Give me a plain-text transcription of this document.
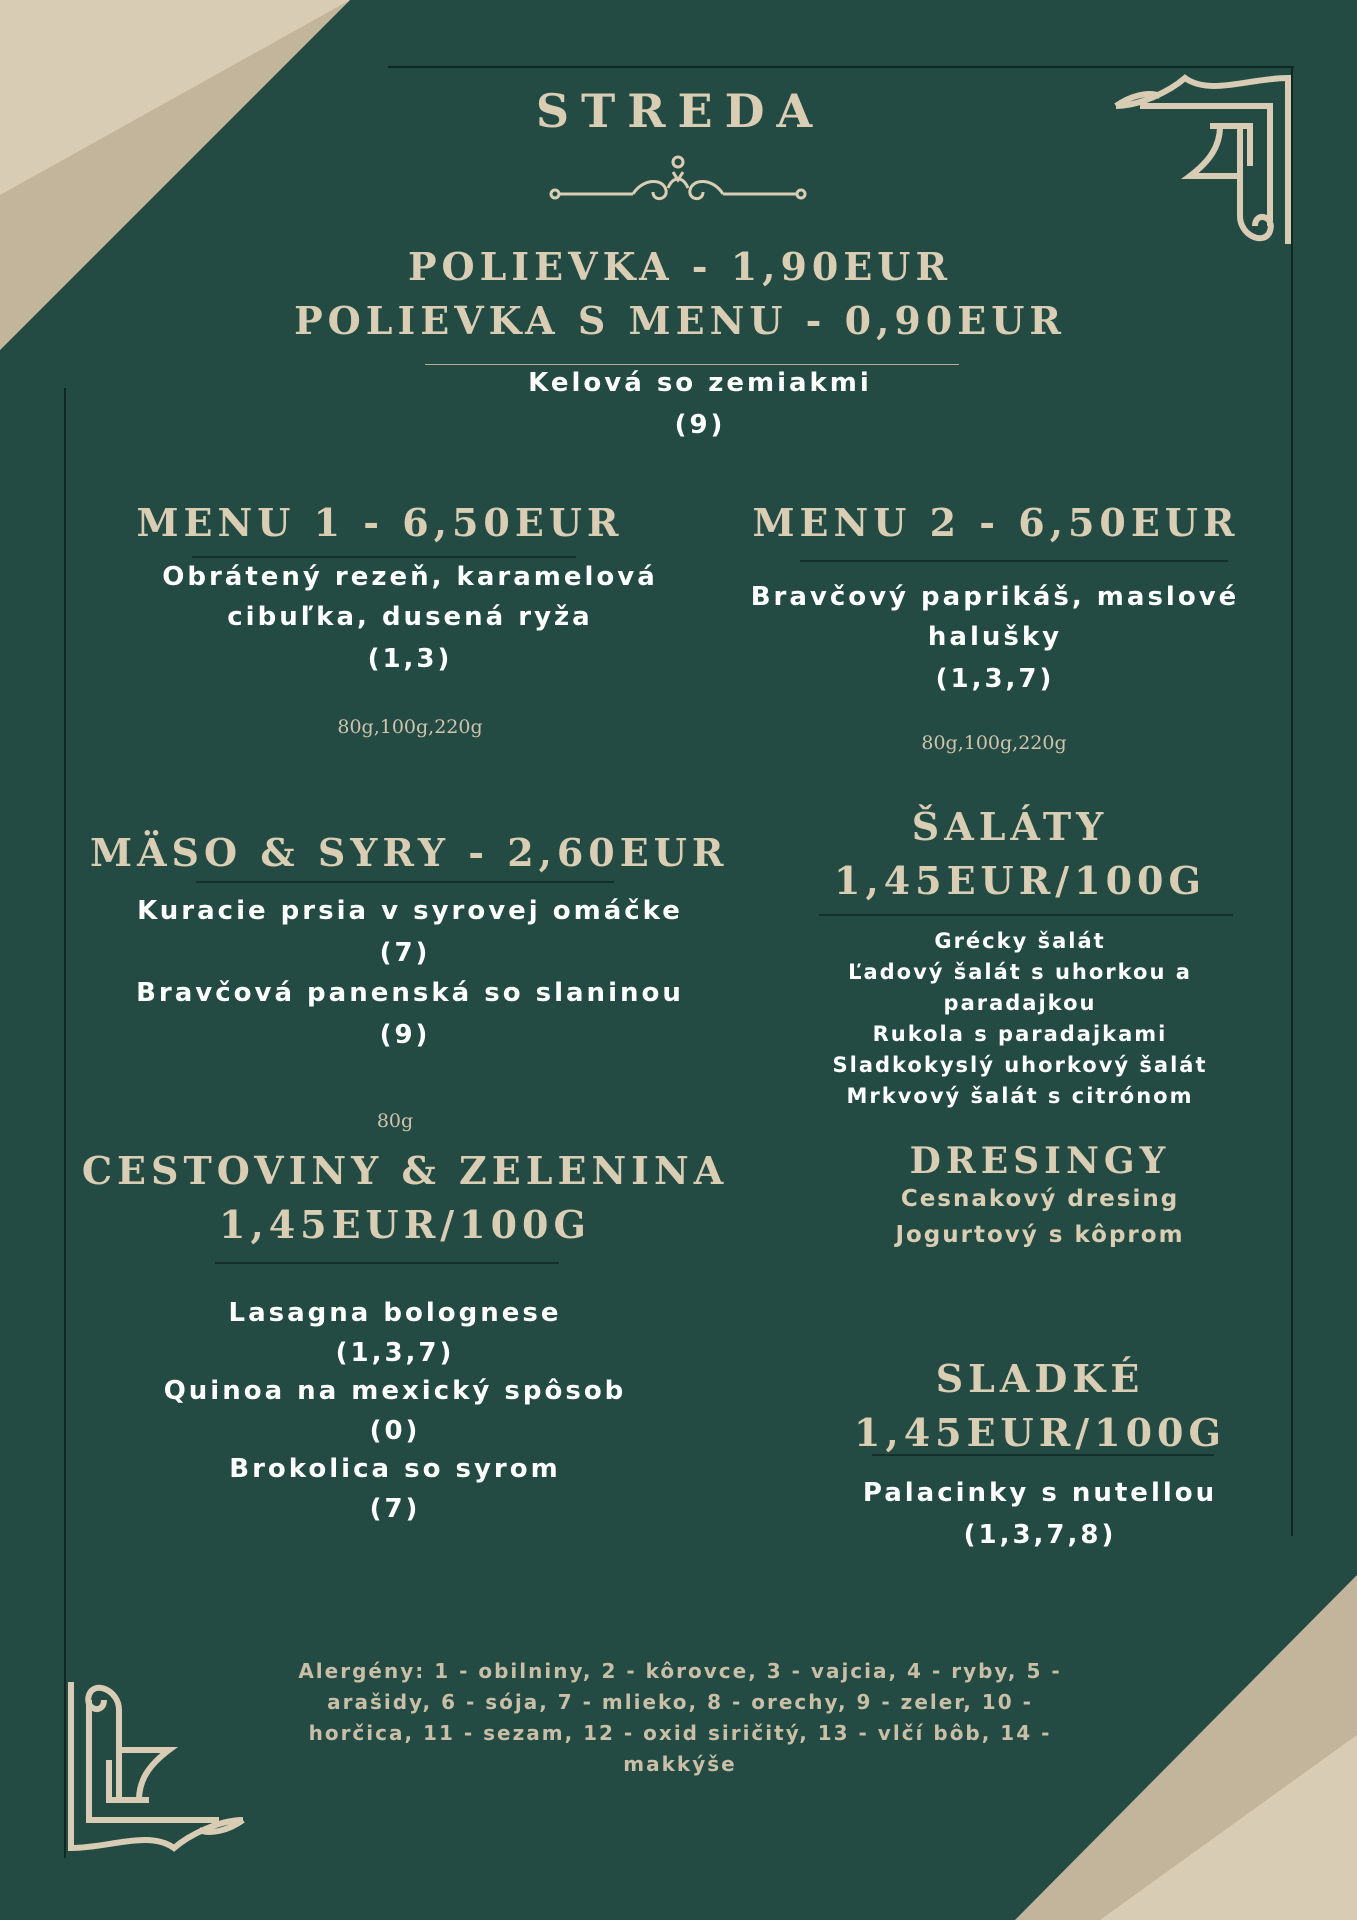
STREDA
POLIEVKA - 1,90EUR
POLIEVKA S MENU - 0,90EUR
Kelová so zemiakmi
(9)
MENU 1 - 6,50EUR
Obrátený rezeň, karamelová
cibuľka, dusená ryža
(1,3)
80g,100g,220g
MENU 2 - 6,50EUR
Bravčový paprikáš, maslové
halušky
(1,3,7)
80g,100g,220g
MÄSO & SYRY - 2,60EUR
Kuracie prsia v syrovej omáčke
(7)
Bravčová panenská so slaninou
(9)
80g
ŠALÁTY
1,45EUR/100G
Grécky šalát
Ľadový šalát s uhorkou a
paradajkou
Rukola s paradajkami
Sladkokyslý uhorkový šalát
Mrkvový šalát s citrónom
DRESINGY
Cesnakový dresing
Jogurtový s kôprom
CESTOVINY & ZELENINA
1,45EUR/100G
Lasagna bolognese
(1,3,7)
Quinoa na mexický spôsob
(0)
Brokolica so syrom
(7)
SLADKÉ
1,45EUR/100G
Palacinky s nutellou
(1,3,7,8)
Alergény: 1 - obilniny, 2 - kôrovce, 3 - vajcia, 4 - ryby, 5 -
arašidy, 6 - sója, 7 - mlieko, 8 - orechy, 9 - zeler, 10 -
horčica, 11 - sezam, 12 - oxid siričitý, 13 - vlčí bôb, 14 -
makkýše
